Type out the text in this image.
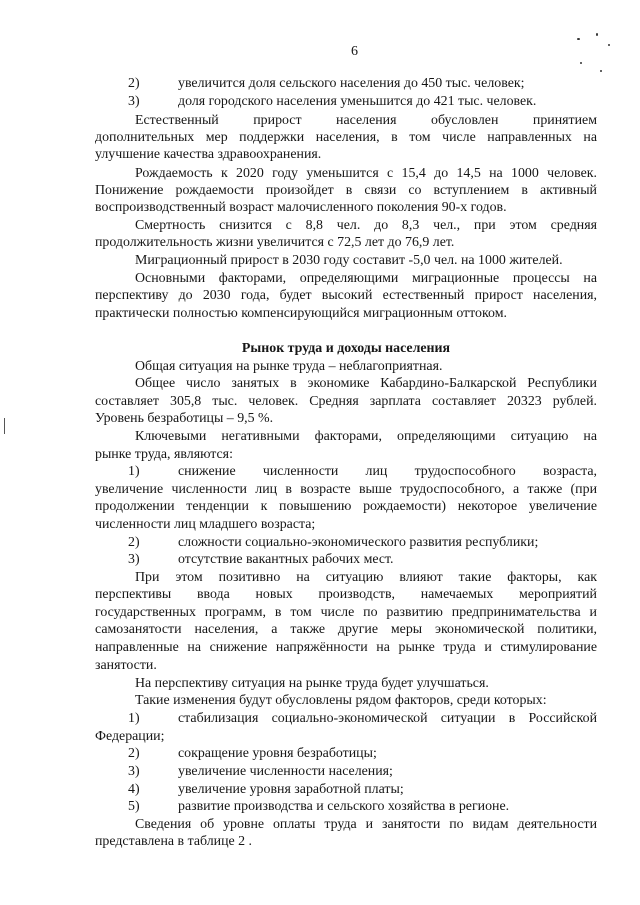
6
2)	увеличится доля сельского населения до 450 тыс. человек;
3)	доля городского населения уменьшится до 421 тыс. человек.
Естественный прирост населения обусловлен принятием
дополнительных мер поддержки населения, в том числе направленных на
улучшение качества здравоохранения.
Рождаемость к 2020 году уменьшится с 15,4 до 14,5 на 1000 человек.
Понижение рождаемости произойдет в связи со вступлением в активный
воспроизводственный возраст малочисленного поколения 90-х годов.
Смертность снизится с 8,8 чел. до 8,3 чел., при этом средняя
продолжительность жизни увеличится с 72,5 лет до 76,9 лет.
Миграционный прирост в 2030 году составит -5,0 чел. на 1000 жителей.
Основными факторами, определяющими миграционные процессы на
перспективу до 2030 года, будет высокий естественный прирост населения,
практически полностью компенсирующийся миграционным оттоком.
Рынок труда и доходы населения
Общая ситуация на рынке труда – неблагоприятная.
Общее число занятых в экономике Кабардино-Балкарской Республики
составляет 305,8 тыс. человек. Средняя зарплата составляет 20323 рублей.
Уровень безработицы – 9,5 %.
Ключевыми негативными факторами, определяющими ситуацию на
рынке труда, являются:
1)	снижение численности лиц трудоспособного возраста,
увеличение численности лиц в возрасте выше трудоспособного, а также (при
продолжении тенденции к повышению рождаемости) некоторое увеличение
численности лиц младшего возраста;
2)	сложности социально-экономического развития республики;
3)	отсутствие вакантных рабочих мест.
При этом позитивно на ситуацию влияют такие факторы, как
перспективы ввода новых производств, намечаемых мероприятий
государственных программ, в том числе по развитию предпринимательства и
самозанятости населения, а также другие меры экономической политики,
направленные на снижение напряжённости на рынке труда и стимулирование
занятости.
На перспективу ситуация на рынке труда будет улучшаться.
Такие изменения будут обусловлены рядом факторов, среди которых:
1)	стабилизация социально-экономической ситуации в Российской
Федерации;
2)	сокращение уровня безработицы;
3)	увеличение численности населения;
4)	увеличение уровня заработной платы;
5)	развитие производства и сельского хозяйства в регионе.
Сведения об уровне оплаты труда и занятости по видам деятельности
представлена в таблице 2 .
